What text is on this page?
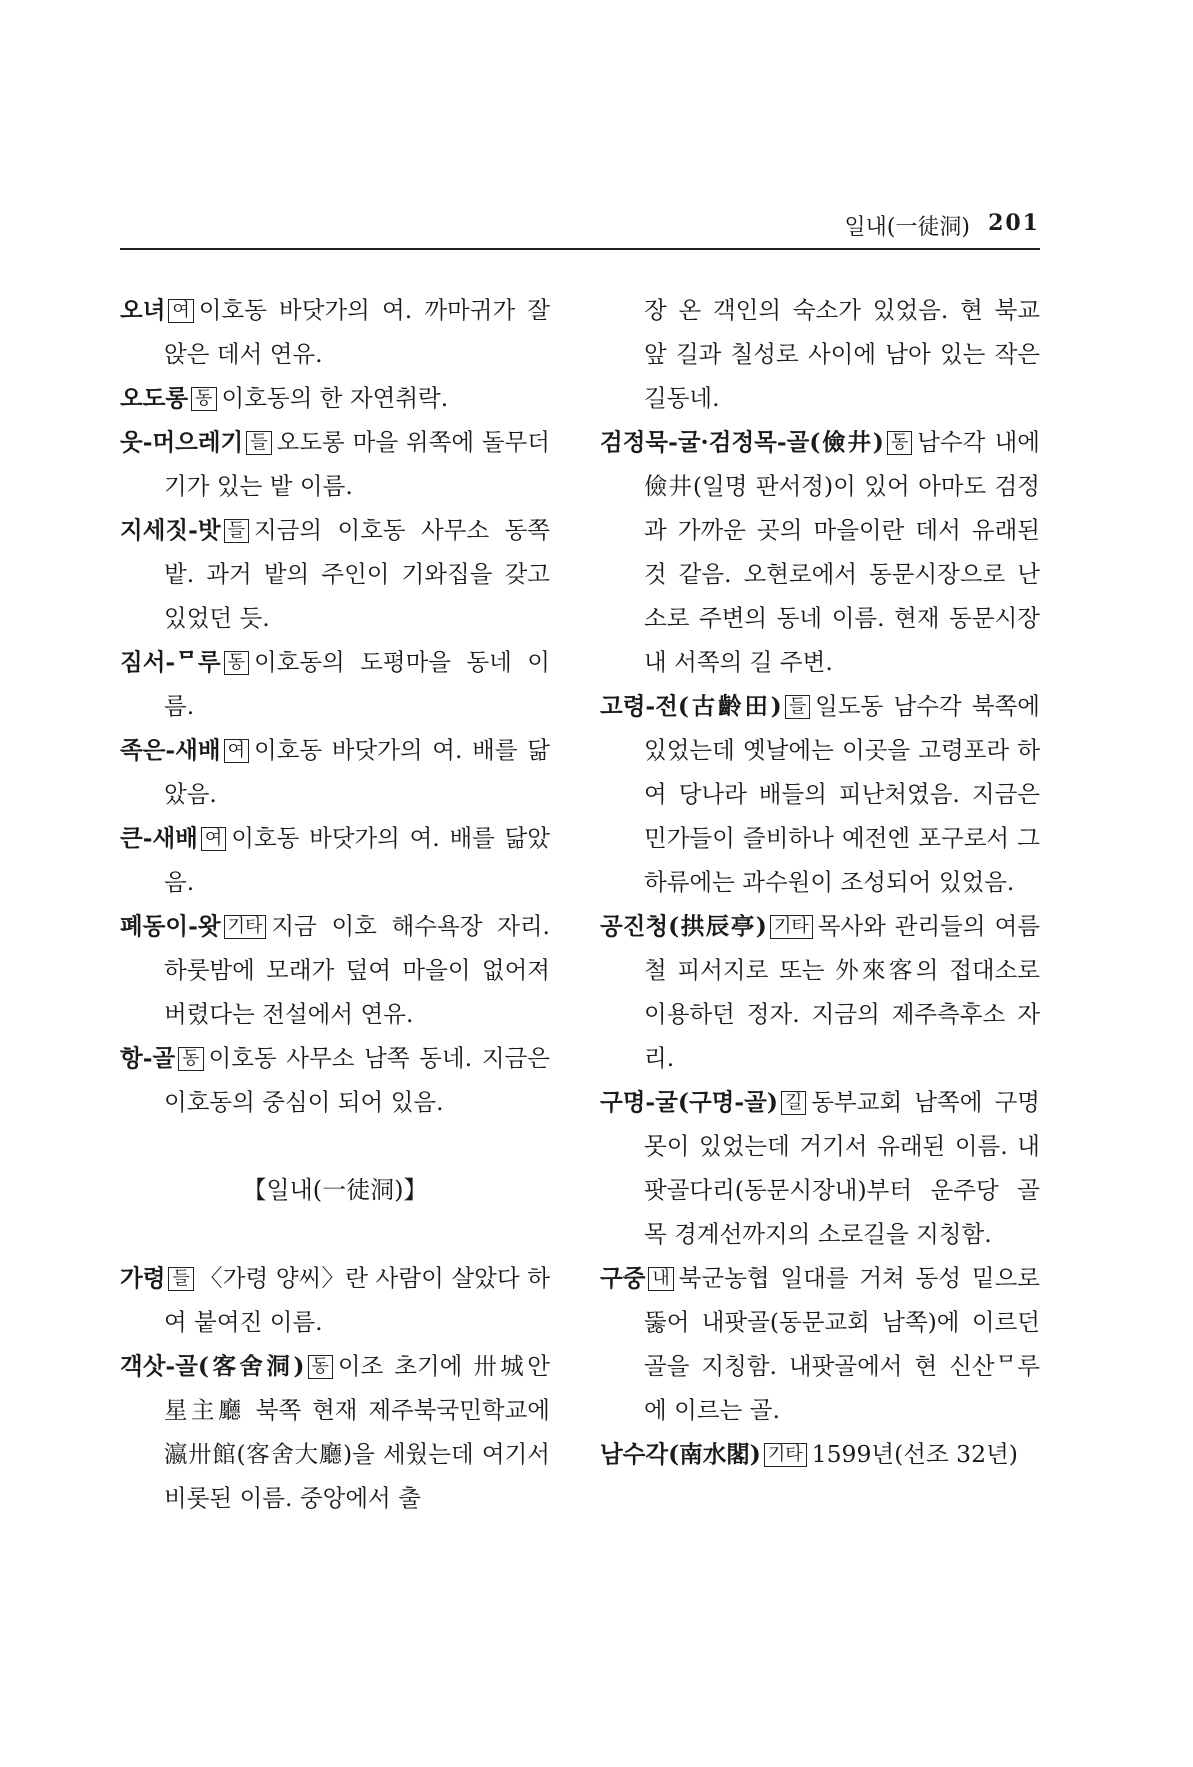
일내(一徒洞) 201

오녀 여 이호동 바닷가의 여. 까마귀가 잘 앉은 데서 연유.

오도롱 동 이호동의 한 자연취락.

웃-머으레기 들 오도롱 마을 위쪽에 돌무더기가 있는 밭 이름.

지세짓-밧 들 지금의 이호동 사무소 동쪽 밭. 과거 밭의 주인이 기와집을 갖고 있었던 듯.

짐서-ᄆ루 동 이호동의 도평마을 동네 이름.

족은-새배 여 이호동 바닷가의 여. 배를 닮았음.

큰-새배 여 이호동 바닷가의 여. 배를 닮았음.

폐동이-왓 기타 지금 이호 해수욕장 자리. 하룻밤에 모래가 덮여 마을이 없어져 버렸다는 전설에서 연유.

항-골 동 이호동 사무소 남쪽 동네. 지금은 이호동의 중심이 되어 있음.

【일내(一徒洞)】

가령 들 〈가령 양씨〉란 사람이 살았다 하여 붙여진 이름.

객삿-골(客舍洞) 동 이조 초기에 卅城안 星主廳 북쪽 현재 제주북국민학교에 瀛卅館(客舍大廳)을 세웠는데 여기서 비롯된 이름. 중앙에서 출

장 온 객인의 숙소가 있었음. 현 북교 앞 길과 칠성로 사이에 남아 있는 작은 길동네.

검정묵-굴·검정목-골(儉井) 동 남수각 내에 儉井(일명 판서정)이 있어 아마도 검정과 가까운 곳의 마을이란 데서 유래된 것 같음. 오현로에서 동문시장으로 난 소로 주변의 동네 이름. 현재 동문시장 내 서쪽의 길 주변.

고령-전(古齡田) 들 일도동 남수각 북쪽에 있었는데 옛날에는 이곳을 고령포라 하여 당나라 배들의 피난처였음. 지금은 민가들이 즐비하나 예전엔 포구로서 그 하류에는 과수원이 조성되어 있었음.

공진청(拱辰亭) 기타 목사와 관리들의 여름철 피서지로 또는 外來客의 접대소로 이용하던 정자. 지금의 제주측후소 자리.

구명-굴(구명-골) 길 동부교회 남쪽에 구명못이 있었는데 거기서 유래된 이름. 내팟골다리(동문시장내)부터 운주당 골목 경계선까지의 소로길을 지칭함.

구중 내 북군농협 일대를 거쳐 동성 밑으로 뚫어 내팟골(동문교회 남쪽)에 이르던 골을 지칭함. 내팟골에서 현 신산ᄆ루에 이르는 골.

남수각(南水閣) 기타 1599년(선조 32년)
